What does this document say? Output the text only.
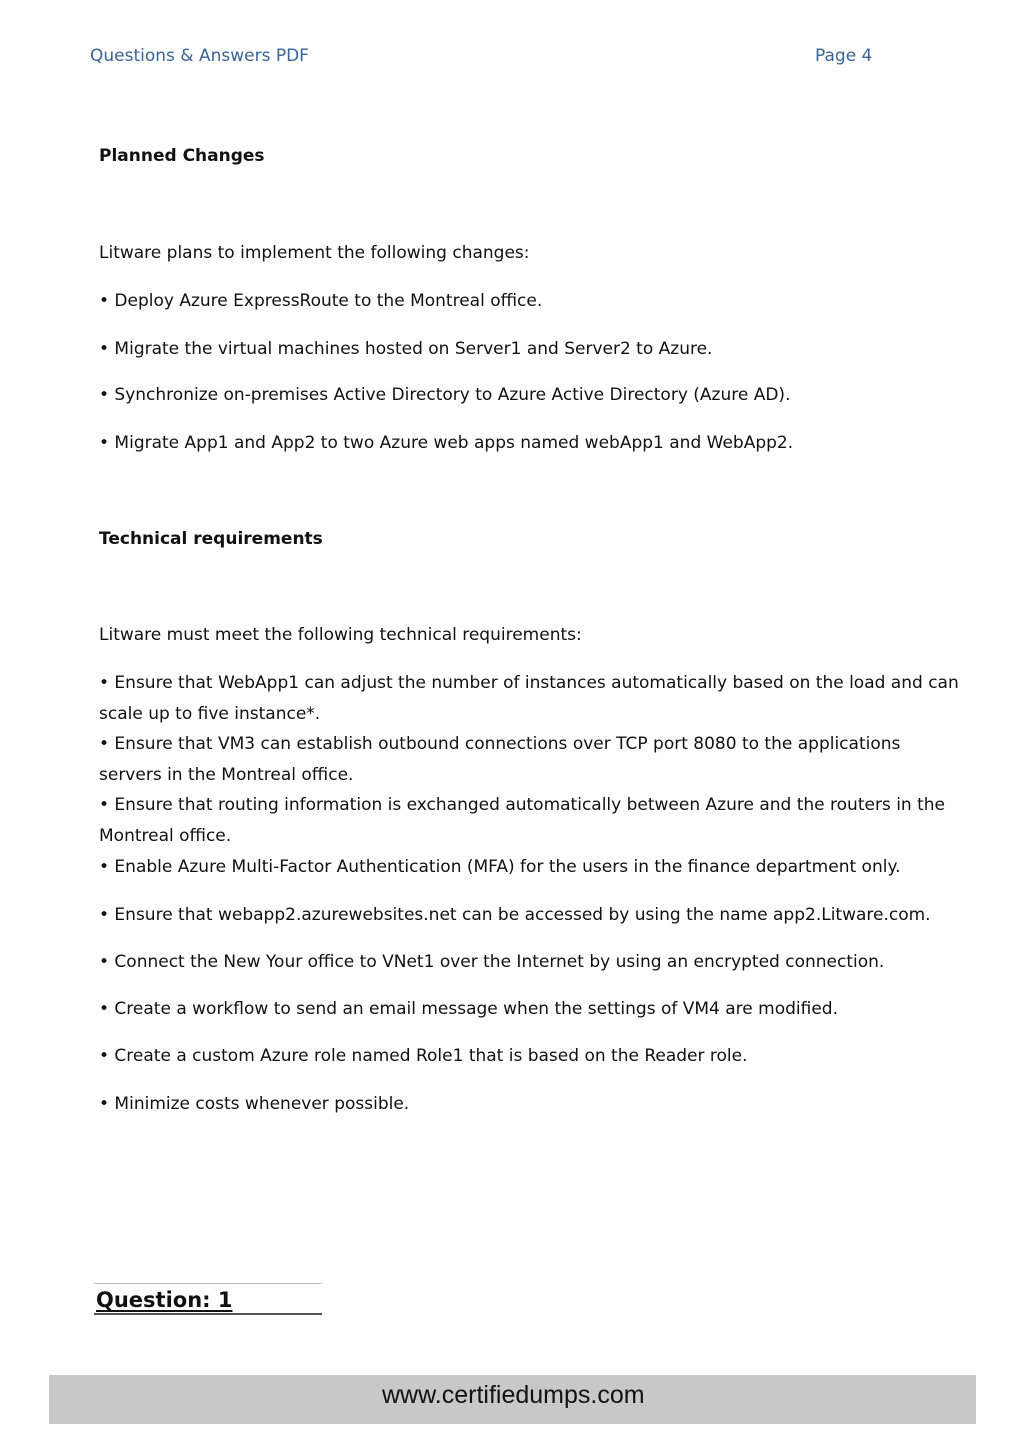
Questions & Answers PDF	Page 4
Planned Changes
Litware plans to implement the following changes:
• Deploy Azure ExpressRoute to the Montreal office.
• Migrate the virtual machines hosted on Server1 and Server2 to Azure.
• Synchronize on-premises Active Directory to Azure Active Directory (Azure AD).
• Migrate App1 and App2 to two Azure web apps named webApp1 and WebApp2.
Technical requirements
Litware must meet the following technical requirements:
• Ensure that WebApp1 can adjust the number of instances automatically based on the load and can scale up to five instance*.
• Ensure that VM3 can establish outbound connections over TCP port 8080 to the applications servers in the Montreal office.
• Ensure that routing information is exchanged automatically between Azure and the routers in the Montreal office.
• Enable Azure Multi-Factor Authentication (MFA) for the users in the finance department only.
• Ensure that webapp2.azurewebsites.net can be accessed by using the name app2.Litware.com.
• Connect the New Your office to VNet1 over the Internet by using an encrypted connection.
• Create a workflow to send an email message when the settings of VM4 are modified.
• Create a custom Azure role named Role1 that is based on the Reader role.
• Minimize costs whenever possible.
Question: 1
www.certifiedumps.com
